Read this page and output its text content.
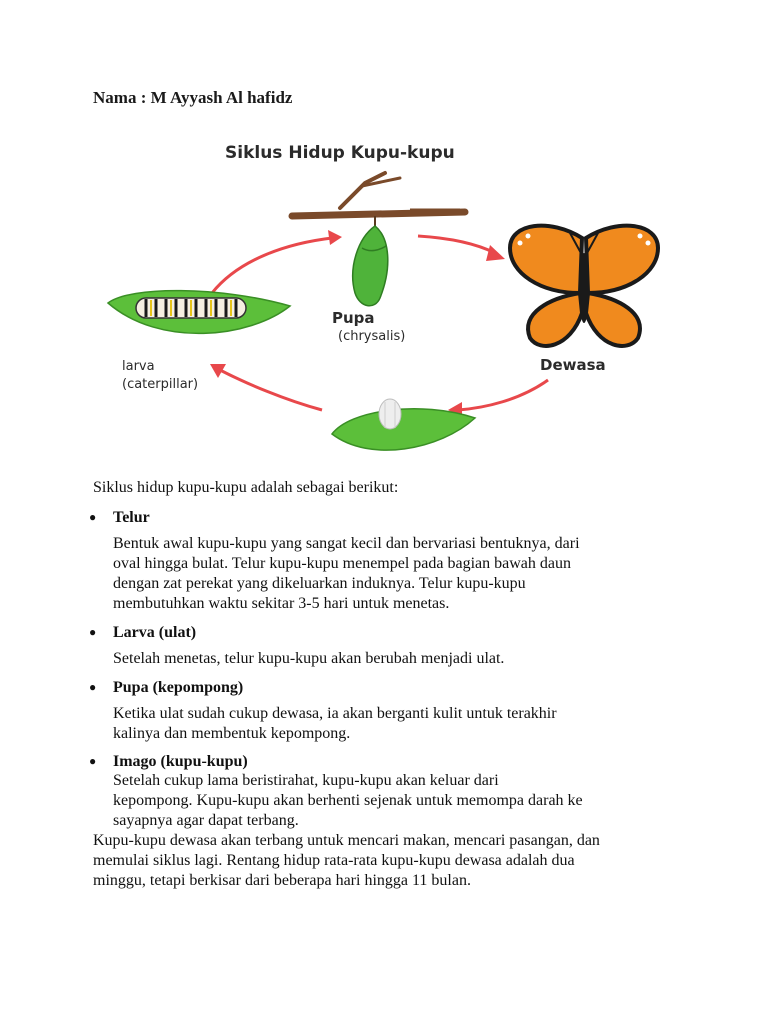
Nama : M Ayyash Al hafidz
Siklus Hidup Kupu-kupu
Pupa
(chrysalis)
Dewasa
larva
(caterpillar)
Siklus hidup kupu-kupu adalah sebagai berikut:
● Telur
Bentuk awal kupu-kupu yang sangat kecil dan bervariasi bentuknya, dari
oval hingga bulat. Telur kupu-kupu menempel pada bagian bawah daun
dengan zat perekat yang dikeluarkan induknya. Telur kupu-kupu
membutuhkan waktu sekitar 3-5 hari untuk menetas.
● Larva (ulat)
Setelah menetas, telur kupu-kupu akan berubah menjadi ulat.
● Pupa (kepompong)
Ketika ulat sudah cukup dewasa, ia akan berganti kulit untuk terakhir
kalinya dan membentuk kepompong.
● Imago (kupu-kupu)
Setelah cukup lama beristirahat, kupu-kupu akan keluar dari
kepompong. Kupu-kupu akan berhenti sejenak untuk memompa darah ke
sayapnya agar dapat terbang.
Kupu-kupu dewasa akan terbang untuk mencari makan, mencari pasangan, dan
memulai siklus lagi. Rentang hidup rata-rata kupu-kupu dewasa adalah dua
minggu, tetapi berkisar dari beberapa hari hingga 11 bulan.
